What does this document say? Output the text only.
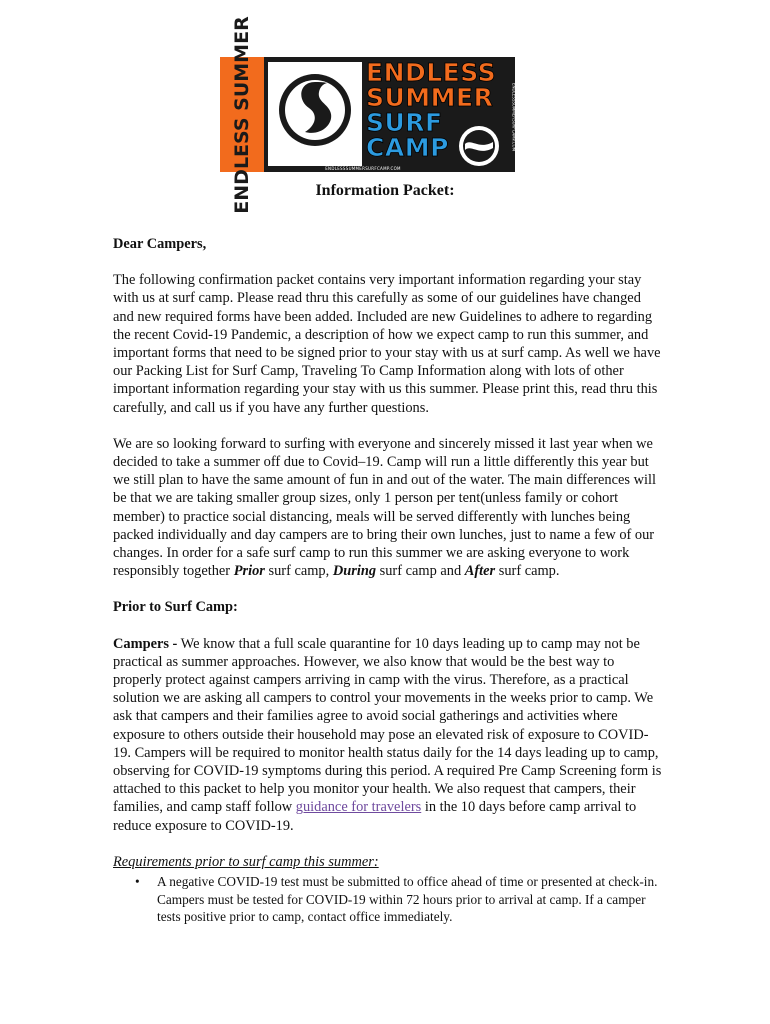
ENDLESS SUMMER	ENDLESSSUMMERSURFCAMP.COM
ENDLESS
SUMMER
SURF
CAMP	ENDLESSSUMMERSURFCAMP.COM
Information Packet:

Dear Campers,

The following confirmation packet contains very important information regarding your stay with us at surf camp. Please read thru this carefully as some of our guidelines have changed and new required forms have been added. Included are new Guidelines to adhere to regarding the recent Covid-19 Pandemic, a description of how we expect camp to run this summer, and important forms that need to be signed prior to your stay with us at surf camp. As well we have our Packing List for Surf Camp, Traveling To Camp Information along with lots of other important information regarding your stay with us this summer. Please print this, read thru this carefully, and call us if you have any further questions.

We are so looking forward to surfing with everyone and sincerely missed it last year when we decided to take a summer off due to Covid–19. Camp will run a little differently this year but we still plan to have the same amount of fun in and out of the water. The main differences will be that we are taking smaller group sizes, only 1 person per tent(unless family or cohort member) to practice social distancing, meals will be served differently with lunches being packed individually and day campers are to bring their own lunches, just to name a few of our changes. In order for a safe surf camp to run this summer we are asking everyone to work responsibly together Prior surf camp, During surf camp and After surf camp.

Prior to Surf Camp:

Campers - We know that a full scale quarantine for 10 days leading up to camp may not be practical as summer approaches. However, we also know that would be the best way to properly protect against campers arriving in camp with the virus. Therefore, as a practical solution we are asking all campers to control your movements in the weeks prior to camp. We ask that campers and their families agree to avoid social gatherings and activities where exposure to others outside their household may pose an elevated risk of exposure to COVID-19. Campers will be required to monitor health status daily for the 14 days leading up to camp, observing for COVID-19 symptoms during this period. A required Pre Camp Screening form is attached to this packet to help you monitor your health. We also request that campers, their families, and camp staff follow guidance for travelers in the 10 days before camp arrival to reduce exposure to COVID-19.

Requirements prior to surf camp this summer:
• A negative COVID-19 test must be submitted to office ahead of time or presented at check-in. Campers must be tested for COVID-19 within 72 hours prior to arrival at camp. If a camper tests positive prior to camp, contact office immediately.
